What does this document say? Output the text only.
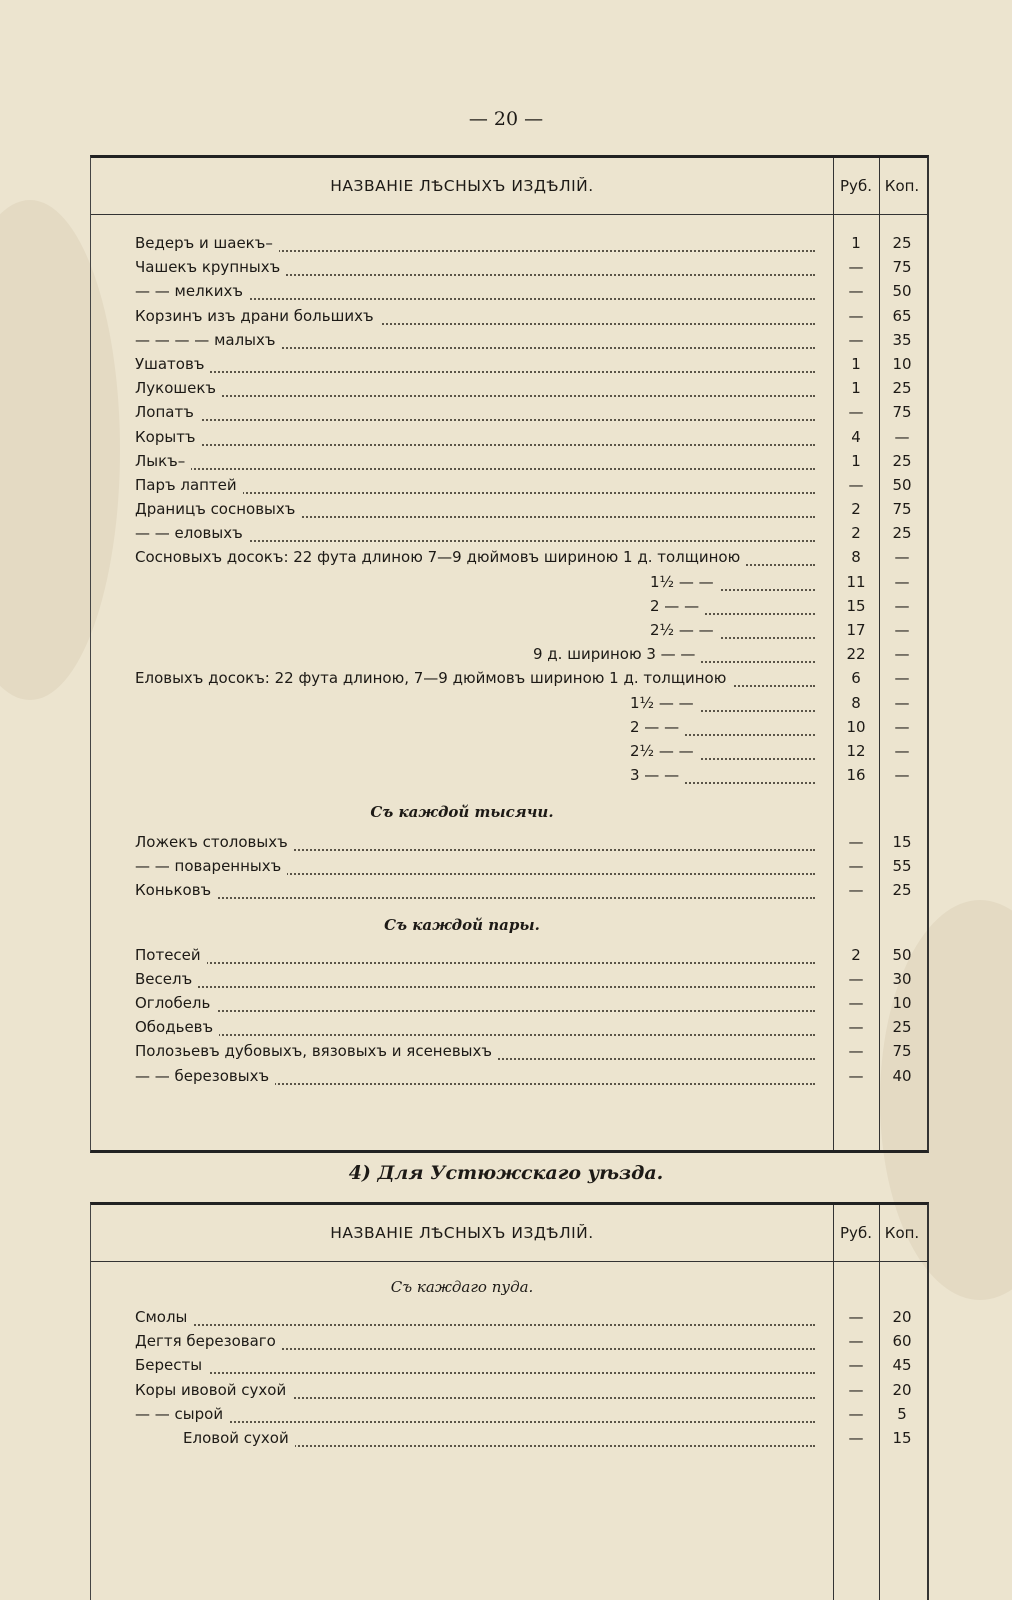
— 20 —
НАЗВАНІЕ ЛѢСНЫХЪ ИЗДѢЛІЙ.	Руб. Коп.
Ведеръ и шаекъ–	1	25
Чашекъ крупныхъ	—	75
— — мелкихъ	—	50
Корзинъ изъ драни большихъ	—	65
— — — — малыхъ	—	35
Ушатовъ	1	10
Лукошекъ	1	25
Лопатъ	—	75
Корытъ	4	—
Лыкъ–	1	25
Паръ лаптей	—	50
Драницъ сосновыхъ	2	75
— — еловыхъ	2	25
Сосновыхъ досокъ: 22 фута длиною 7—9 дюймовъ шириною 1 д. толщиною	8	—
1½ — —	11	—
2 — —	15	—
2½ — —	17	—
9 д. шириною 3 — —	22	—
Еловыхъ досокъ: 22 фута длиною, 7—9 дюймовъ шириною 1 д. толщиною	6	—
1½ — —	8	—
2 — —	10	—
2½ — —	12	—
3 — —	16	—
Съ каждой тысячи.
Ложекъ столовыхъ	—	15
— — поваренныхъ	—	55
Коньковъ	—	25
Съ каждой пары.
Потесей	2	50
Веселъ	—	30
Оглобель	—	10
Ободьевъ	—	25
Полозьевъ дубовыхъ, вязовыхъ и ясеневыхъ	—	75
— — березовыхъ	—	40
4) Для Устюжскаго уѣзда.
НАЗВАНІЕ ЛѢСНЫХЪ ИЗДѢЛІЙ.	Руб. Коп.
Съ каждаго пуда.
Смолы	—	20
Дегтя березоваго	—	60
Бересты	—	45
Коры ивовой сухой	—	20
— — сырой	—	5
Еловой сухой	—	15
